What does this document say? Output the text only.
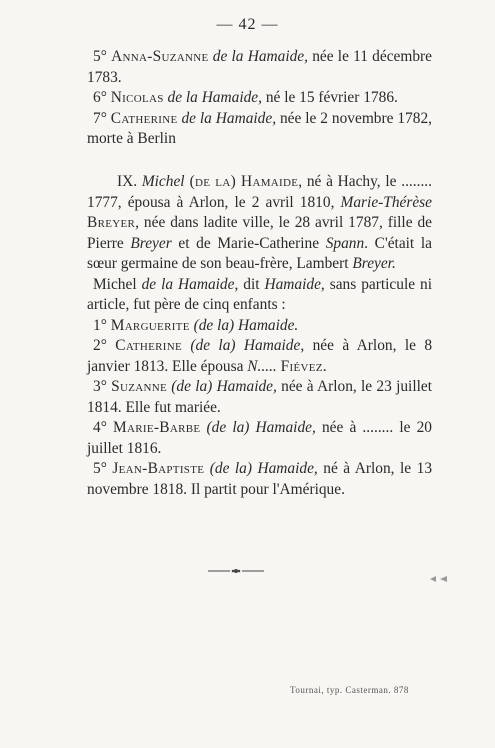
— 42 —

5° Anna-Suzanne de la Hamaide, née le 11 décembre 1783.

6° Nicolas de la Hamaide, né le 15 février 1786.

7° Catherine de la Hamaide, née le 2 novembre 1782, morte à Berlin

IX. Michel (de la) Hamaide, né à Hachy, le ........ 1777, épousa à Arlon, le 2 avril 1810, Marie-Thérèse Breyer, née dans ladite ville, le 28 avril 1787, fille de Pierre Breyer et de Marie-Catherine Spann. C'était la sœur germaine de son beau-frère, Lambert Breyer.

Michel de la Hamaide, dit Hamaide, sans particule ni article, fut père de cinq enfants :

1° Marguerite (de la) Hamaide.

2° Catherine (de la) Hamaide, née à Arlon, le 8 janvier 1813. Elle épousa N..... Fiévez.

3° Suzanne (de la) Hamaide, née à Arlon, le 23 juillet 1814. Elle fut mariée.

4° Marie-Barbe (de la) Hamaide, née à ........ le 20 juillet 1816.

5° Jean-Baptiste (de la) Hamaide, né à Arlon, le 13 novembre 1818. Il partit pour l'Amérique.

Tournai, typ. Casterman. 878
